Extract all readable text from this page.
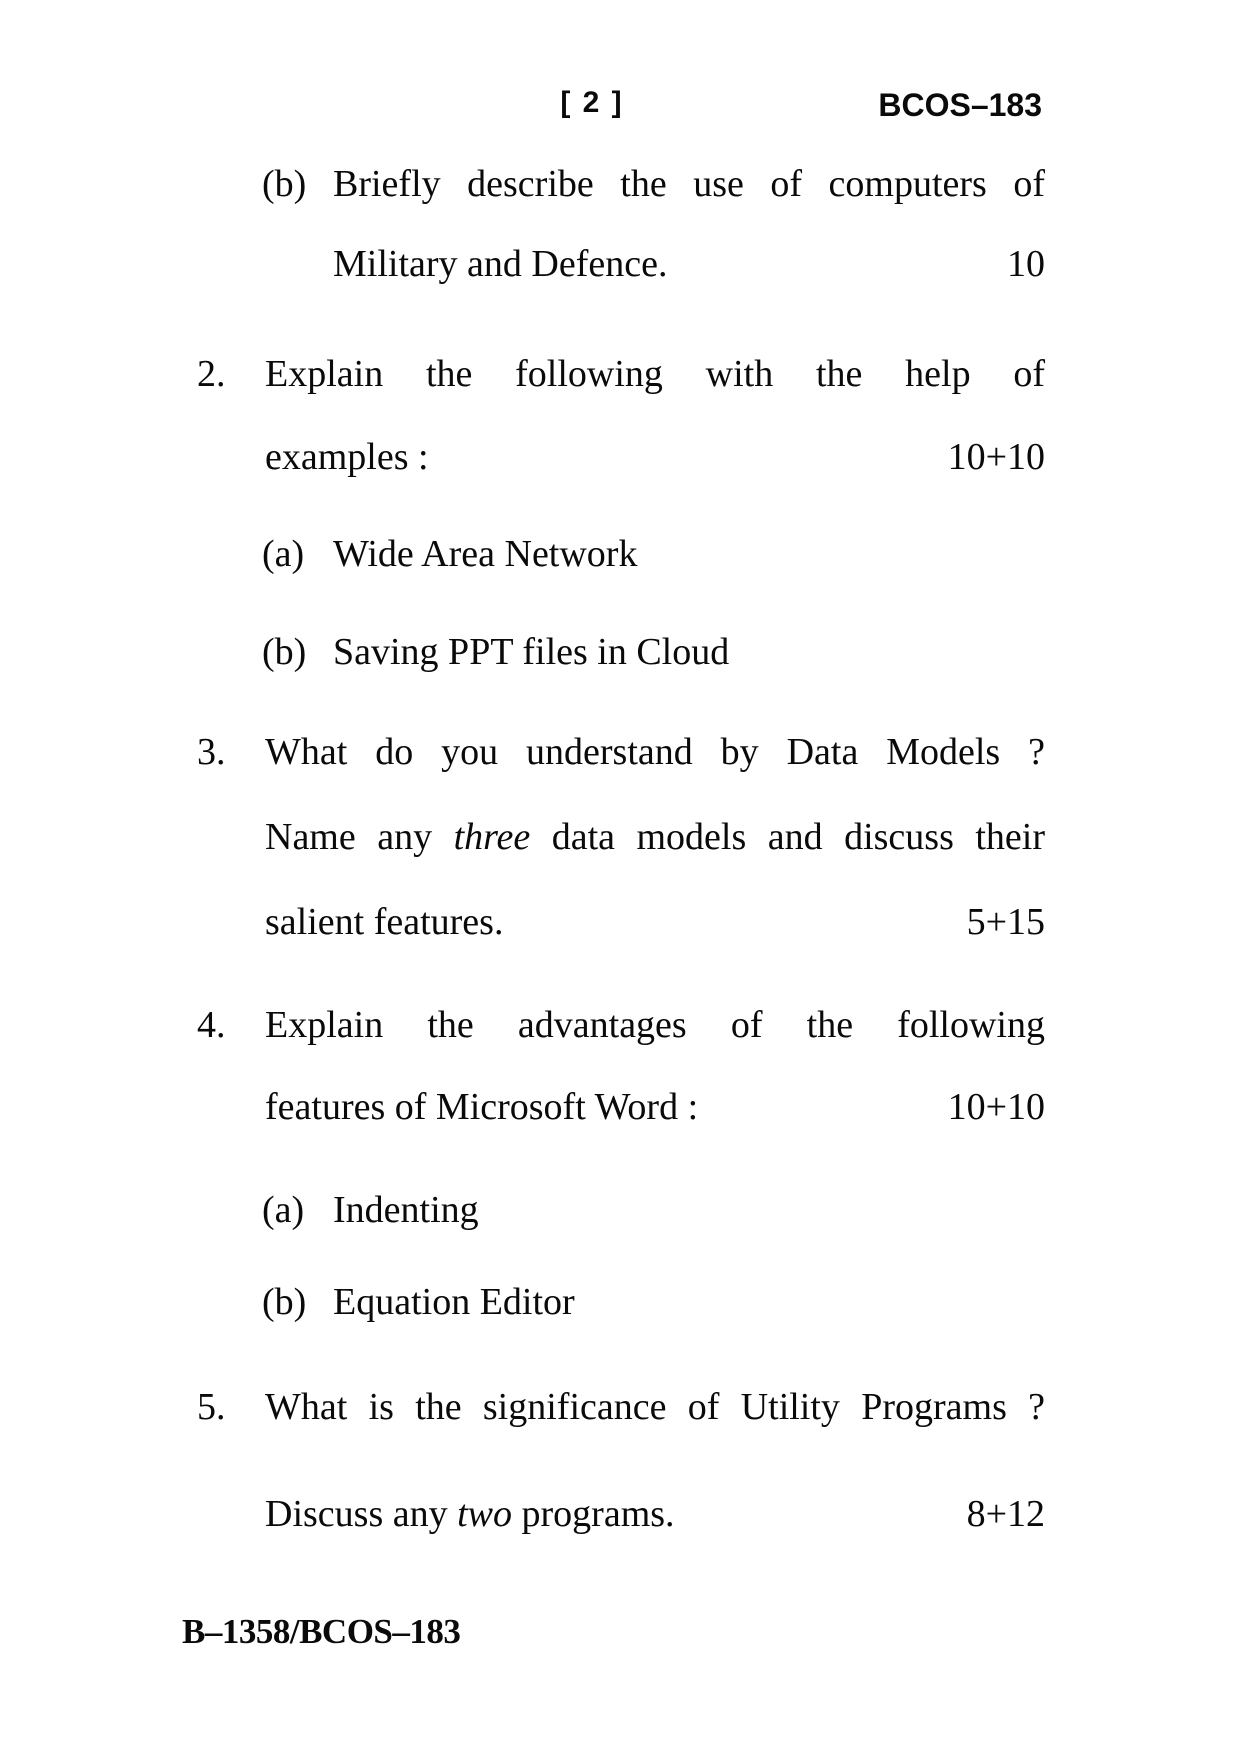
[ 2 ]	BCOS–183
(b) Briefly describe the use of computers of
Military and Defence.	10
2.	Explain the following with the help of
examples :	10+10
(a) Wide Area Network
(b) Saving PPT files in Cloud
3.	What do you understand by Data Models ?
Name any three data models and discuss their
salient features.	5+15
4.	Explain the advantages of the following
features of Microsoft Word :	10+10
(a) Indenting
(b) Equation Editor
5.	What is the significance of Utility Programs ?
Discuss any two programs.	8+12
B–1358/BCOS–183
